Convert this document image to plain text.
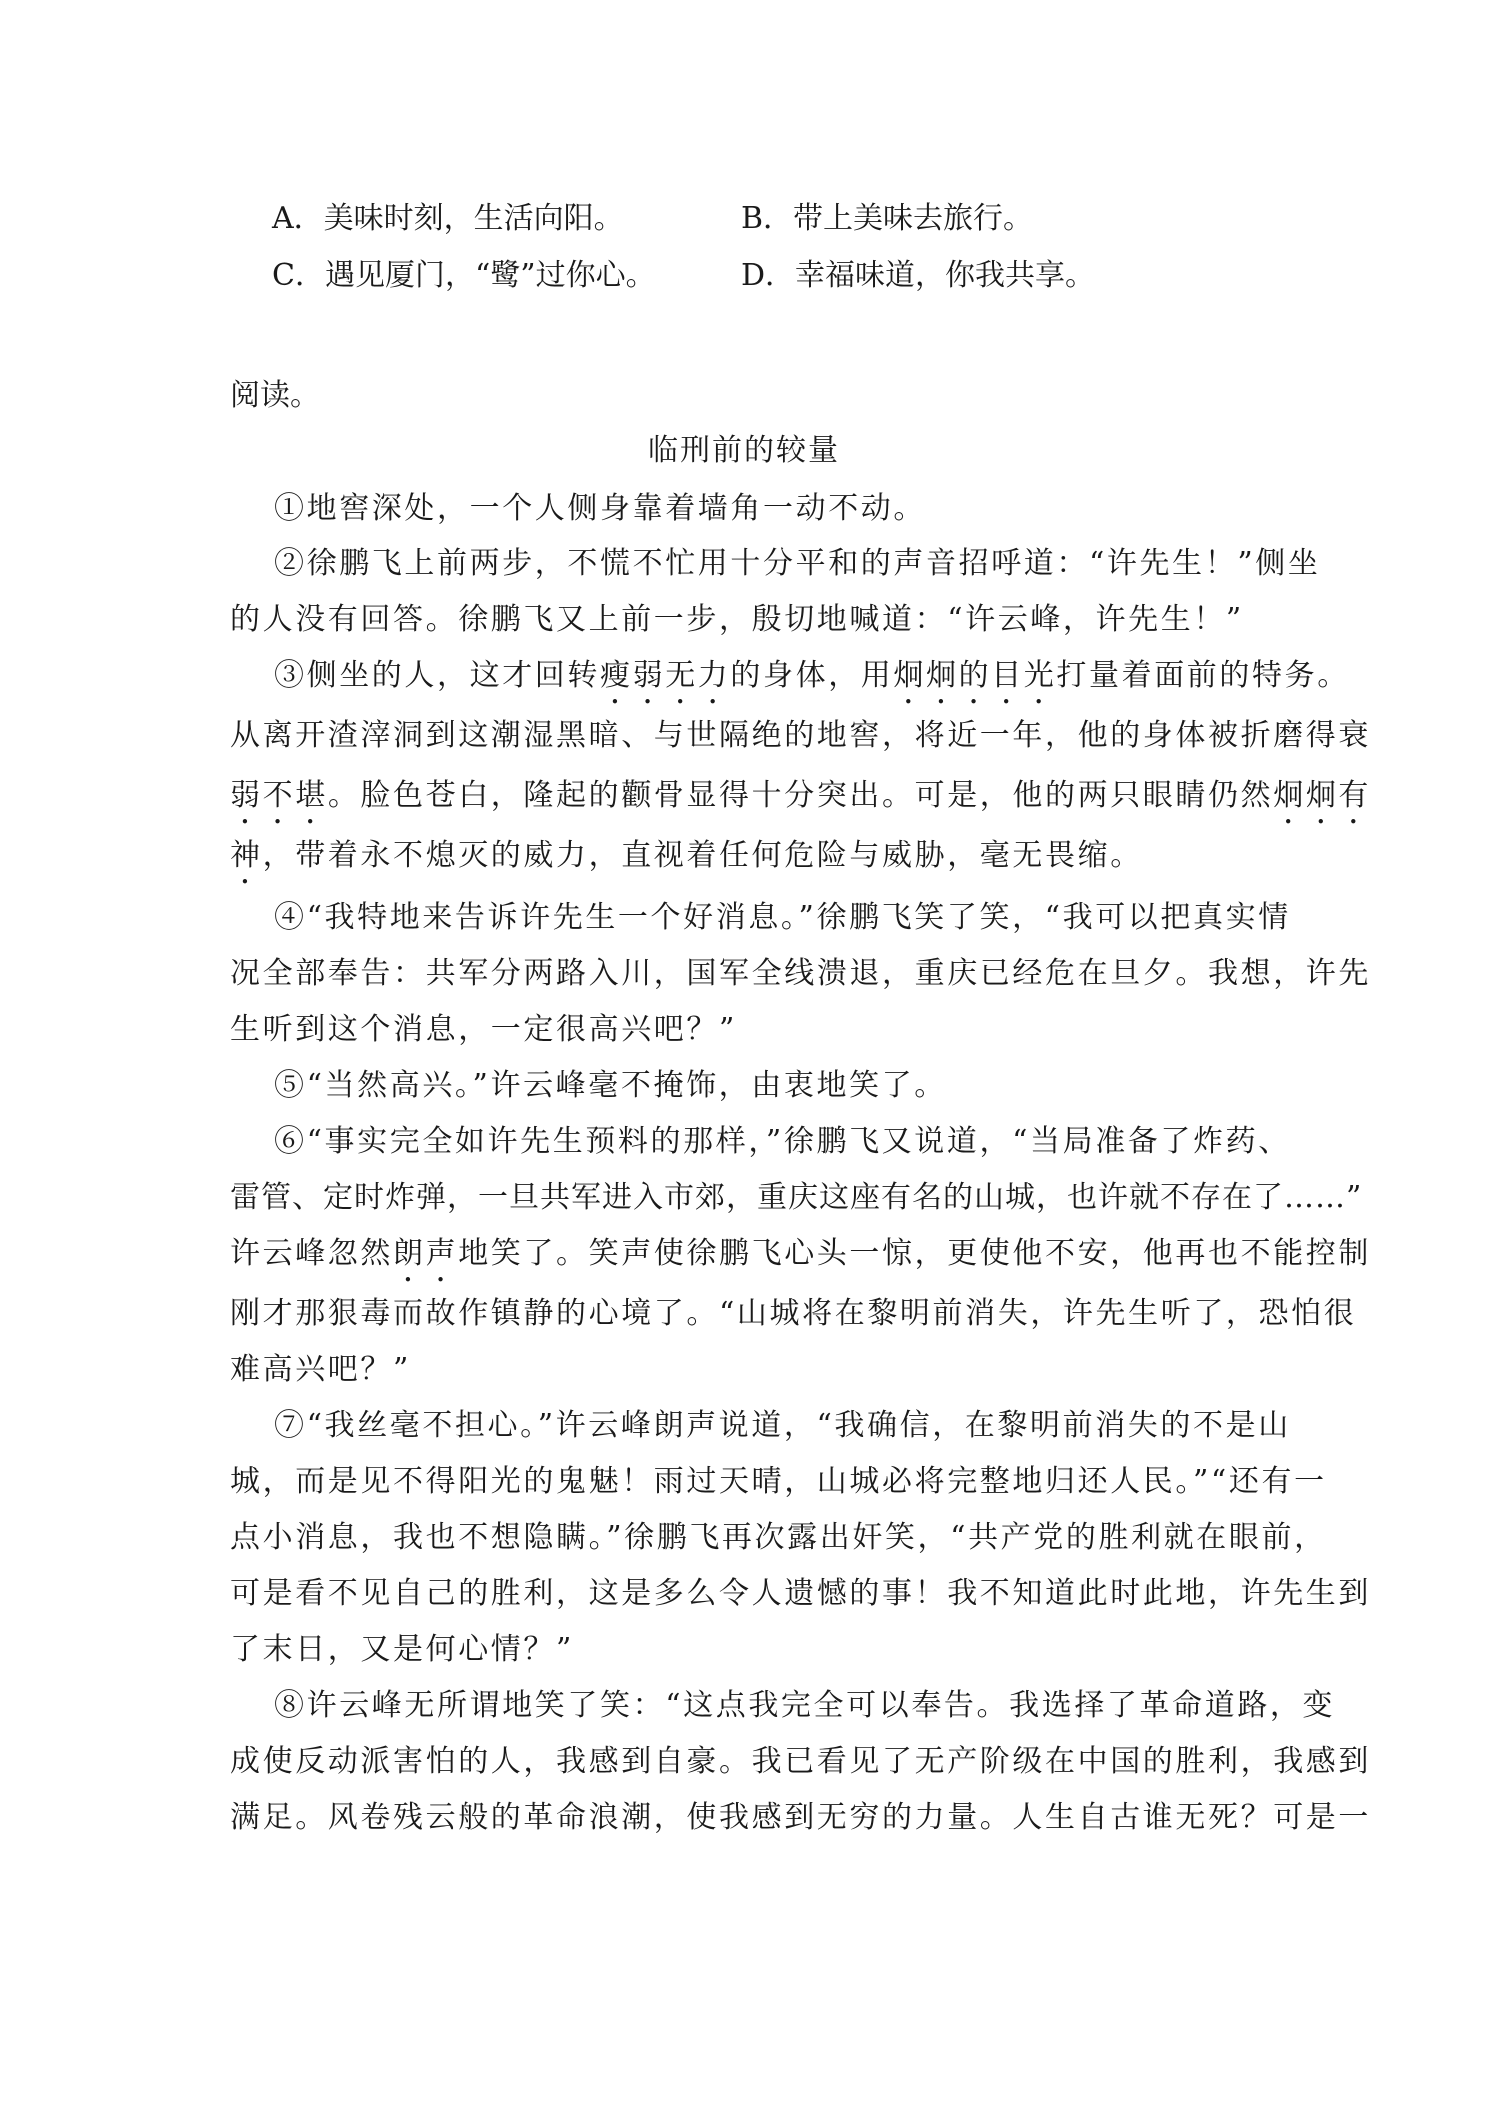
A．美味时刻，生活向阳。	B．带上美味去旅行。
C．遇见厦门，“鹭”过你心。	D．幸福味道，你我共享。
阅读。
临刑前的较量
①地窖深处，一个人侧身靠着墙角一动不动。
②徐鹏飞上前两步，不慌不忙用十分平和的声音招呼道：“许先生！”侧坐
的人没有回答。徐鹏飞又上前一步，殷切地喊道：“许云峰，许先生！”
③侧坐的人，这才回转瘦弱无力的身体，用炯炯的目光打量着面前的特务。
从离开渣滓洞到这潮湿黑暗、与世隔绝的地窖，将近一年，他的身体被折磨得衰
弱不堪。脸色苍白，隆起的颧骨显得十分突出。可是，他的两只眼睛仍然炯炯有
神，带着永不熄灭的威力，直视着任何危险与威胁，毫无畏缩。
④“我特地来告诉许先生一个好消息。”徐鹏飞笑了笑，“我可以把真实情
况全部奉告：共军分两路入川，国军全线溃退，重庆已经危在旦夕。我想，许先
生听到这个消息，一定很高兴吧？”
⑤“当然高兴。”许云峰毫不掩饰，由衷地笑了。
⑥“事实完全如许先生预料的那样，”徐鹏飞又说道，“当局准备了炸药、
雷管、定时炸弹，一旦共军进入市郊，重庆这座有名的山城，也许就不存在了……”
许云峰忽然朗声地笑了。笑声使徐鹏飞心头一惊，更使他不安，他再也不能控制
刚才那狠毒而故作镇静的心境了。“山城将在黎明前消失，许先生听了，恐怕很
难高兴吧？”
⑦“我丝毫不担心。”许云峰朗声说道，“我确信，在黎明前消失的不是山
城，而是见不得阳光的鬼魅！雨过天晴，山城必将完整地归还人民。”“还有一
点小消息，我也不想隐瞒。”徐鹏飞再次露出奸笑，“共产党的胜利就在眼前，
可是看不见自己的胜利，这是多么令人遗憾的事！我不知道此时此地，许先生到
了末日，又是何心情？”
⑧许云峰无所谓地笑了笑：“这点我完全可以奉告。我选择了革命道路，变
成使反动派害怕的人，我感到自豪。我已看见了无产阶级在中国的胜利，我感到
满足。风卷残云般的革命浪潮，使我感到无穷的力量。人生自古谁无死？可是一
